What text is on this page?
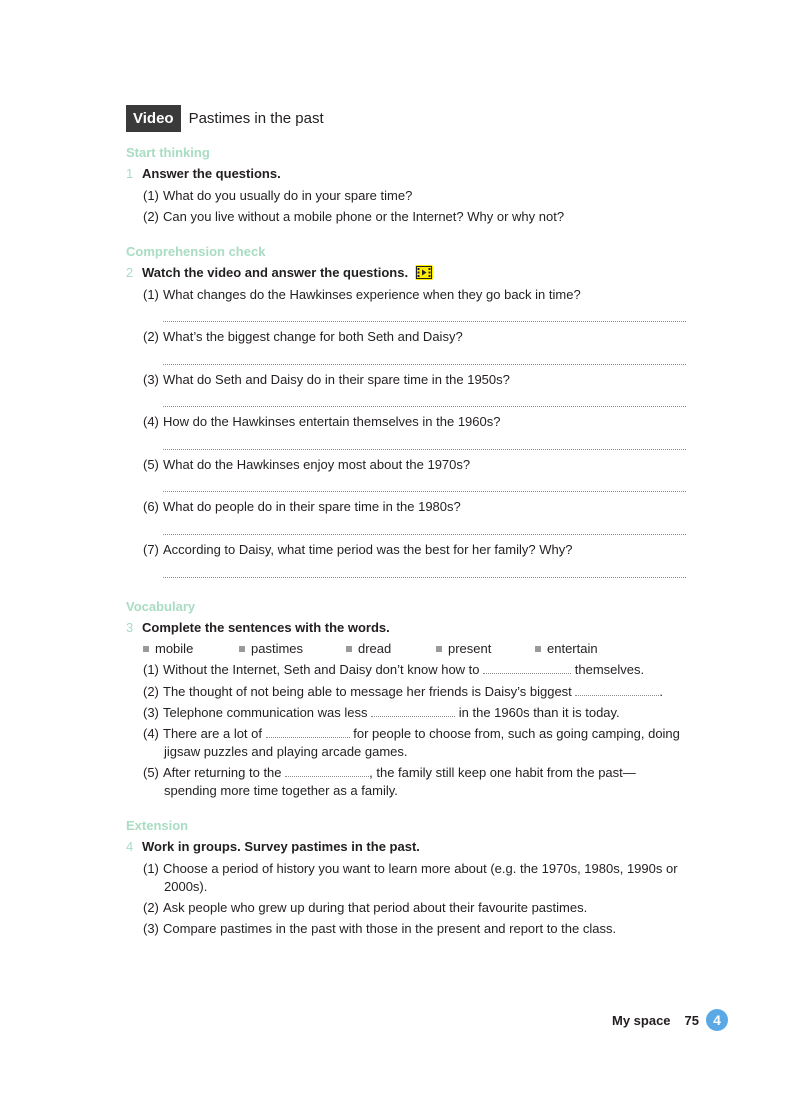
Video	Pastimes in the past
Start thinking
1 Answer the questions.
(1) What do you usually do in your spare time?
(2) Can you live without a mobile phone or the Internet? Why or why not?
Comprehension check
2 Watch the video and answer the questions.
(1) What changes do the Hawkinses experience when they go back in time?
(2) What’s the biggest change for both Seth and Daisy?
(3) What do Seth and Daisy do in their spare time in the 1950s?
(4) How do the Hawkinses entertain themselves in the 1960s?
(5) What do the Hawkinses enjoy most about the 1970s?
(6) What do people do in their spare time in the 1980s?
(7) According to Daisy, what time period was the best for her family? Why?
Vocabulary
3 Complete the sentences with the words.
mobile	pastimes	dread	present	entertain
(1) Without the Internet, Seth and Daisy don’t know how to	themselves.
(2) The thought of not being able to message her friends is Daisy’s biggest	.
(3) Telephone communication was less	in the 1960s than it is today.
(4) There are a lot of	for people to choose from, such as going camping, doing
jigsaw puzzles and playing arcade games.
(5) After returning to the	, the family still keep one habit from the past—
spending more time together as a family.
Extension
4 Work in groups. Survey pastimes in the past.
(1) Choose a period of history you want to learn more about (e.g. the 1970s, 1980s, 1990s or
2000s).
(2) Ask people who grew up during that period about their favourite pastimes.
(3) Compare pastimes in the past with those in the present and report to the class.
My space 75	4
